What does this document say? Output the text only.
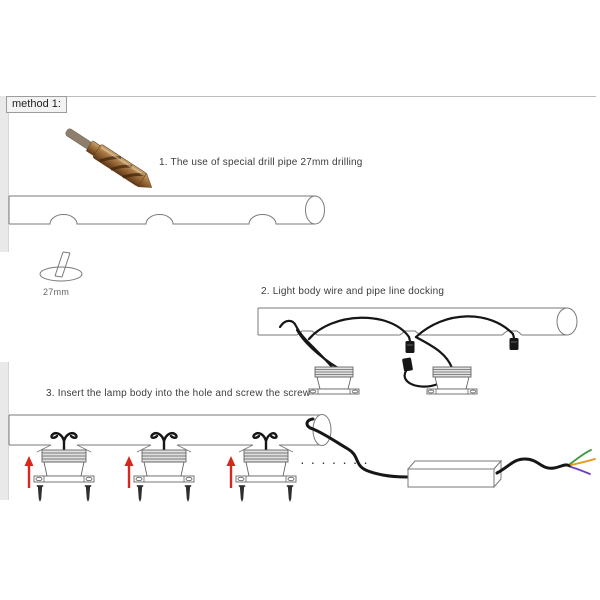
method 1:
1. The use of special drill pipe 27mm drilling
27mm	2. Light body wire and pipe line docking
3. Insert the lamp body into the hole and screw the screw
· · · · · · ·
